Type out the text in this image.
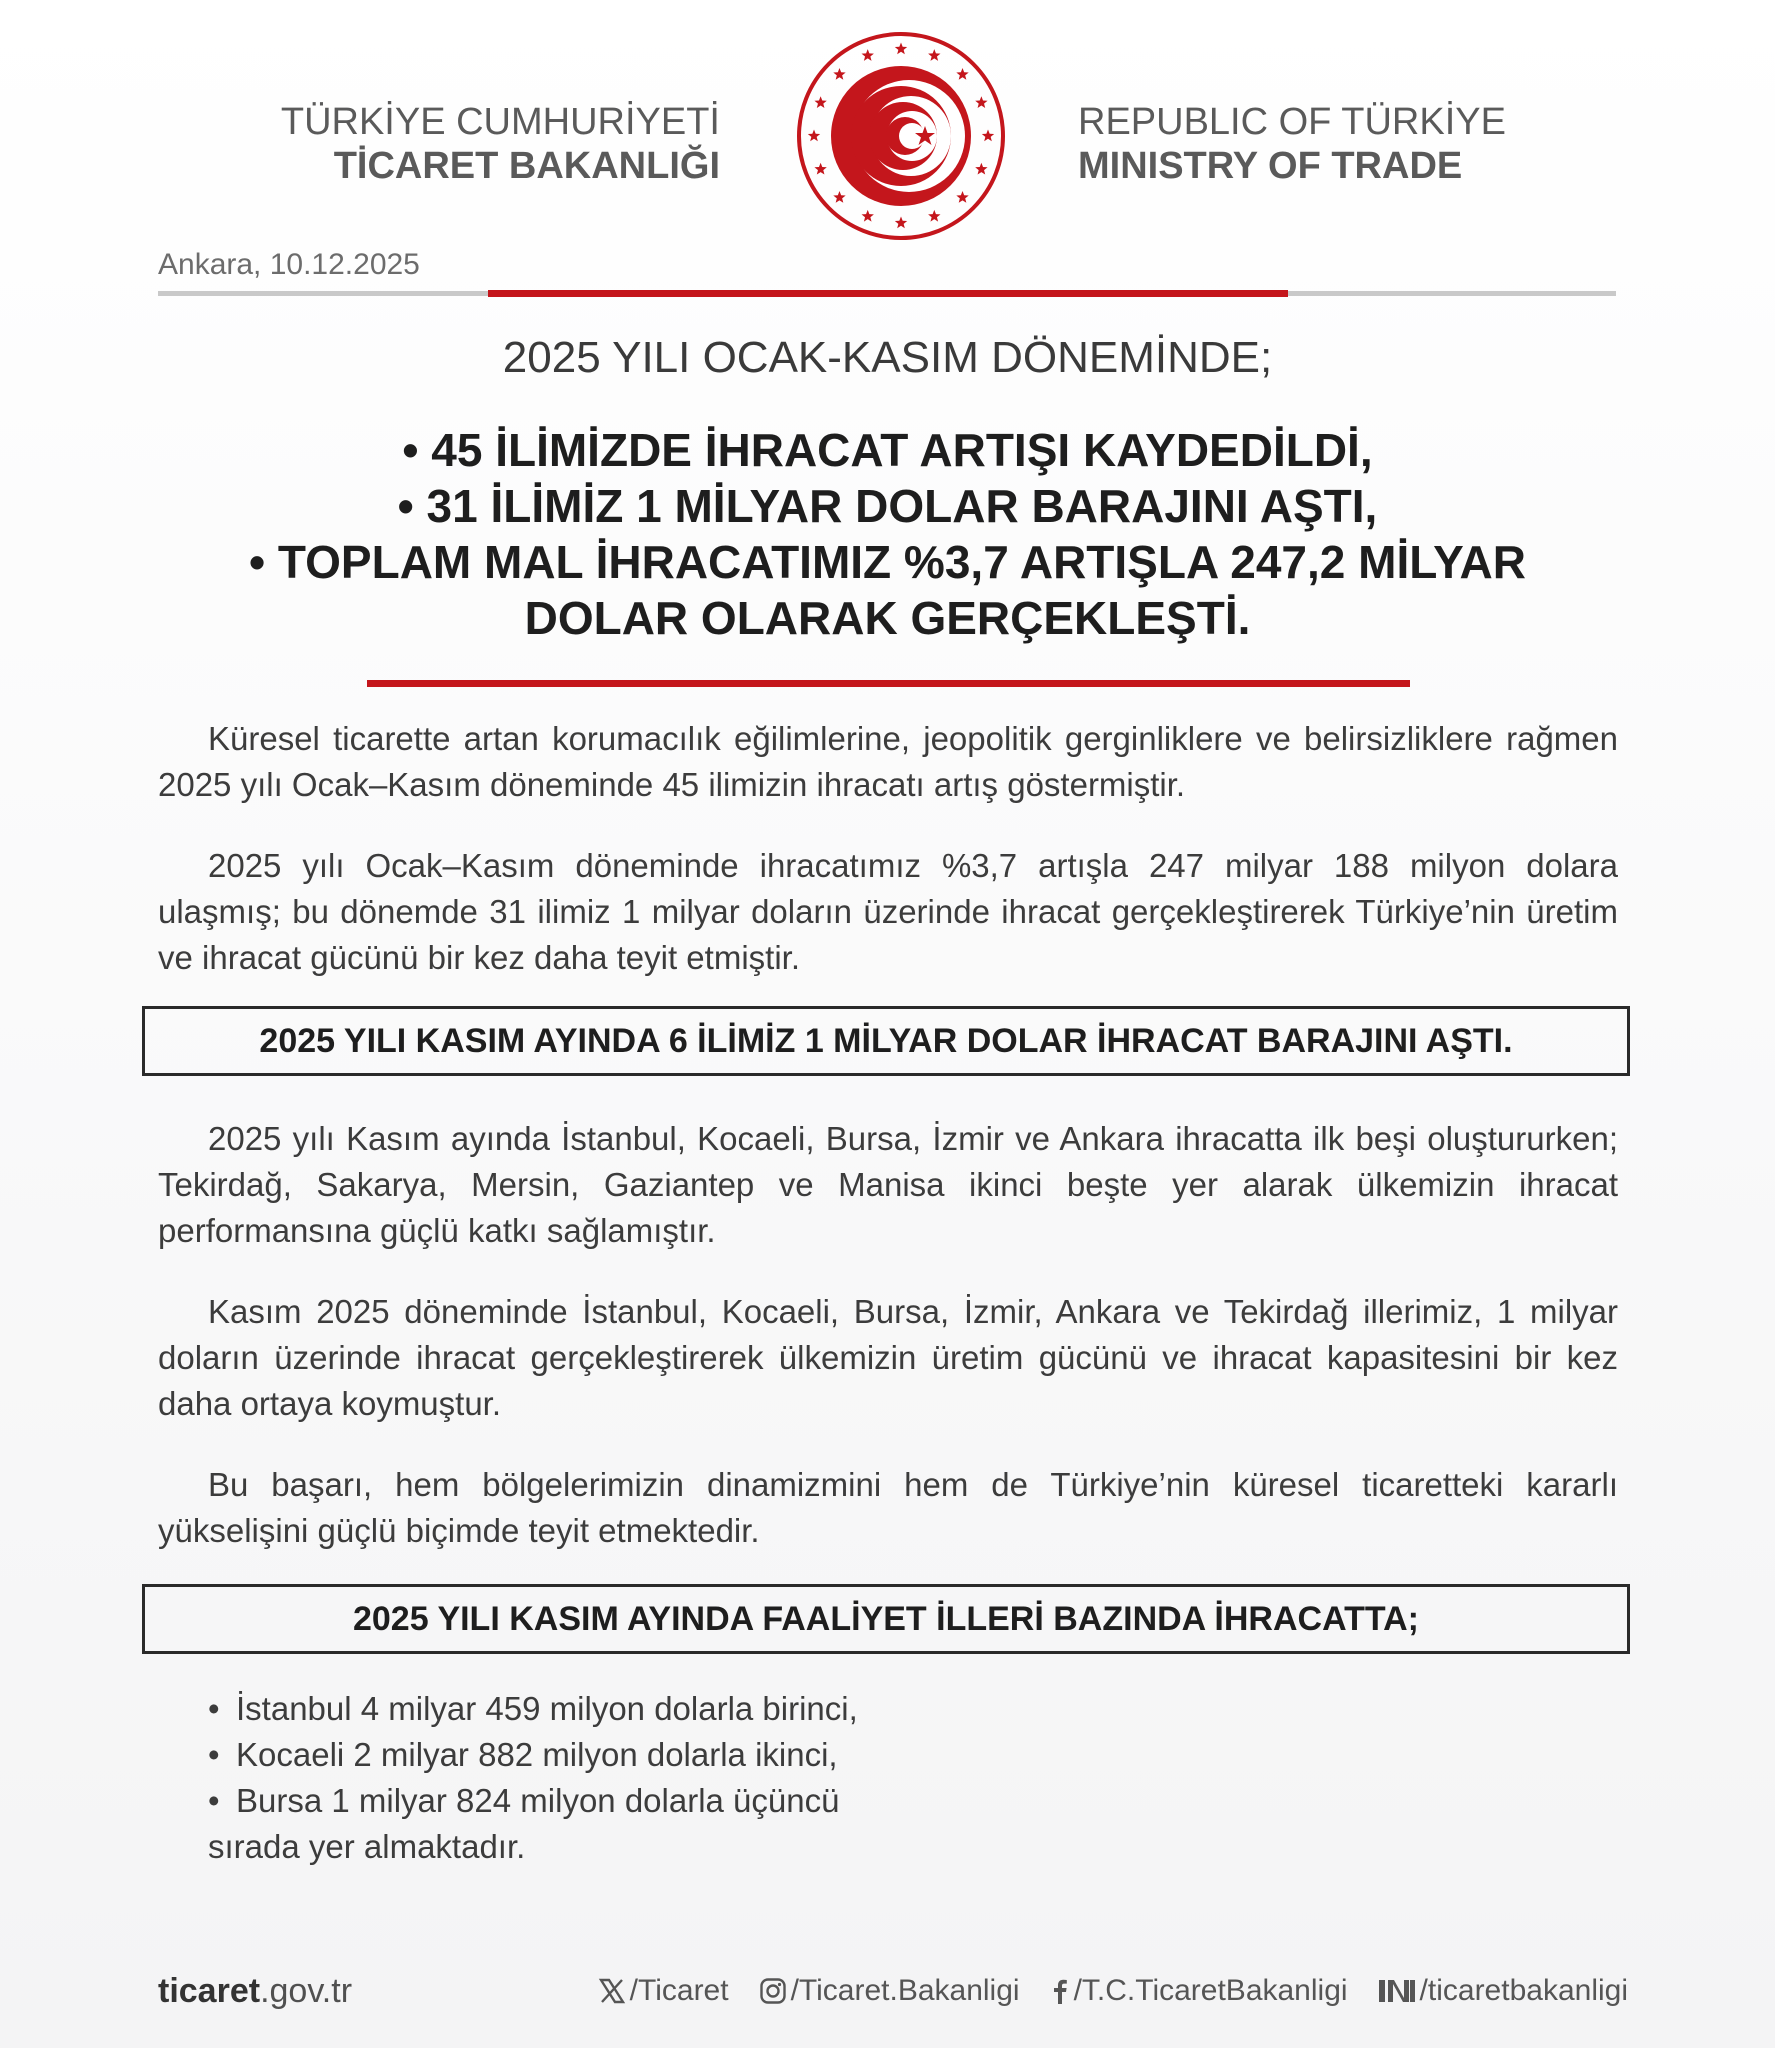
TÜRKİYE CUMHURİYETİ
TİCARET BAKANLIĞI
REPUBLIC OF TÜRKİYE
MINISTRY OF TRADE
Ankara, 10.12.2025
2025 YILI OCAK-KASIM DÖNEMİNDE;
• 45 İLİMİZDE İHRACAT ARTIŞI KAYDEDİLDİ,
• 31 İLİMİZ 1 MİLYAR DOLAR BARAJINI AŞTI,
• TOPLAM MAL İHRACATIMIZ %3,7 ARTIŞLA 247,2 MİLYAR
DOLAR OLARAK GERÇEKLEŞTİ.

Küresel ticarette artan korumacılık eğilimlerine, jeopolitik gerginliklere ve belirsizliklere rağmen 2025 yılı Ocak–Kasım döneminde 45 ilimizin ihracatı artış göstermiştir.

2025 yılı Ocak–Kasım döneminde ihracatımız %3,7 artışla 247 milyar 188 milyon dolara ulaşmış; bu dönemde 31 ilimiz 1 milyar doların üzerinde ihracat gerçekleştirerek Türkiye’nin üretim ve ihracat gücünü bir kez daha teyit etmiştir.

2025 YILI KASIM AYINDA 6 İLİMİZ 1 MİLYAR DOLAR İHRACAT BARAJINI AŞTI.

2025 yılı Kasım ayında İstanbul, Kocaeli, Bursa, İzmir ve Ankara ihracatta ilk beşi oluştururken; Tekirdağ, Sakarya, Mersin, Gaziantep ve Manisa ikinci beşte yer alarak ülkemizin ihracat performansına güçlü katkı sağlamıştır.

Kasım 2025 döneminde İstanbul, Kocaeli, Bursa, İzmir, Ankara ve Tekirdağ illerimiz, 1 milyar doların üzerinde ihracat gerçekleştirerek ülkemizin üretim gücünü ve ihracat kapasitesini bir kez daha ortaya koymuştur.

Bu başarı, hem bölgelerimizin dinamizmini hem de Türkiye’nin küresel ticaretteki kararlı yükselişini güçlü biçimde teyit etmektedir.

2025 YILI KASIM AYINDA FAALİYET İLLERİ BAZINDA İHRACATTA;
• İstanbul 4 milyar 459 milyon dolarla birinci,
• Kocaeli 2 milyar 882 milyon dolarla ikinci,
• Bursa 1 milyar 824 milyon dolarla üçüncü
sırada yer almaktadır.
ticaret.gov.tr	/Ticaret /Ticaret.Bakanligi /T.C.TicaretBakanligi /ticaretbakanligi
